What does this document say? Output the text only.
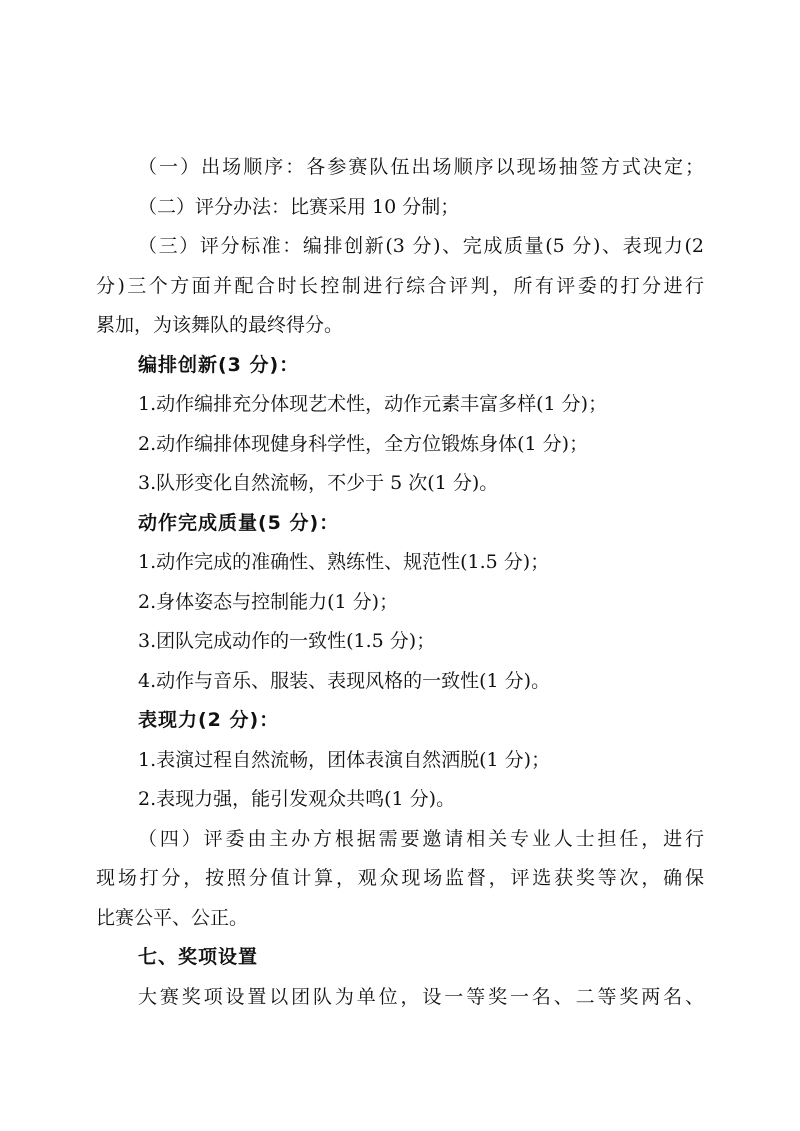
（一）出场顺序：各参赛队伍出场顺序以现场抽签方式决定；
（二）评分办法：比赛采用 10 分制；
（三）评分标准：编排创新(3 分)、完成质量(5 分)、表现力(2
分)三个方面并配合时长控制进行综合评判，所有评委的打分进行
累加，为该舞队的最终得分。
编排创新(3 分)：
1.动作编排充分体现艺术性，动作元素丰富多样(1 分)；
2.动作编排体现健身科学性，全方位锻炼身体(1 分)；
3.队形变化自然流畅，不少于 5 次(1 分)。
动作完成质量(5 分)：
1.动作完成的准确性、熟练性、规范性(1.5 分)；
2.身体姿态与控制能力(1 分)；
3.团队完成动作的一致性(1.5 分)；
4.动作与音乐、服装、表现风格的一致性(1 分)。
表现力(2 分)：
1.表演过程自然流畅，团体表演自然洒脱(1 分)；
2.表现力强，能引发观众共鸣(1 分)。
（四）评委由主办方根据需要邀请相关专业人士担任，进行
现场打分，按照分值计算，观众现场监督，评选获奖等次，确保
比赛公平、公正。
七、奖项设置
大赛奖项设置以团队为单位，设一等奖一名、二等奖两名、
